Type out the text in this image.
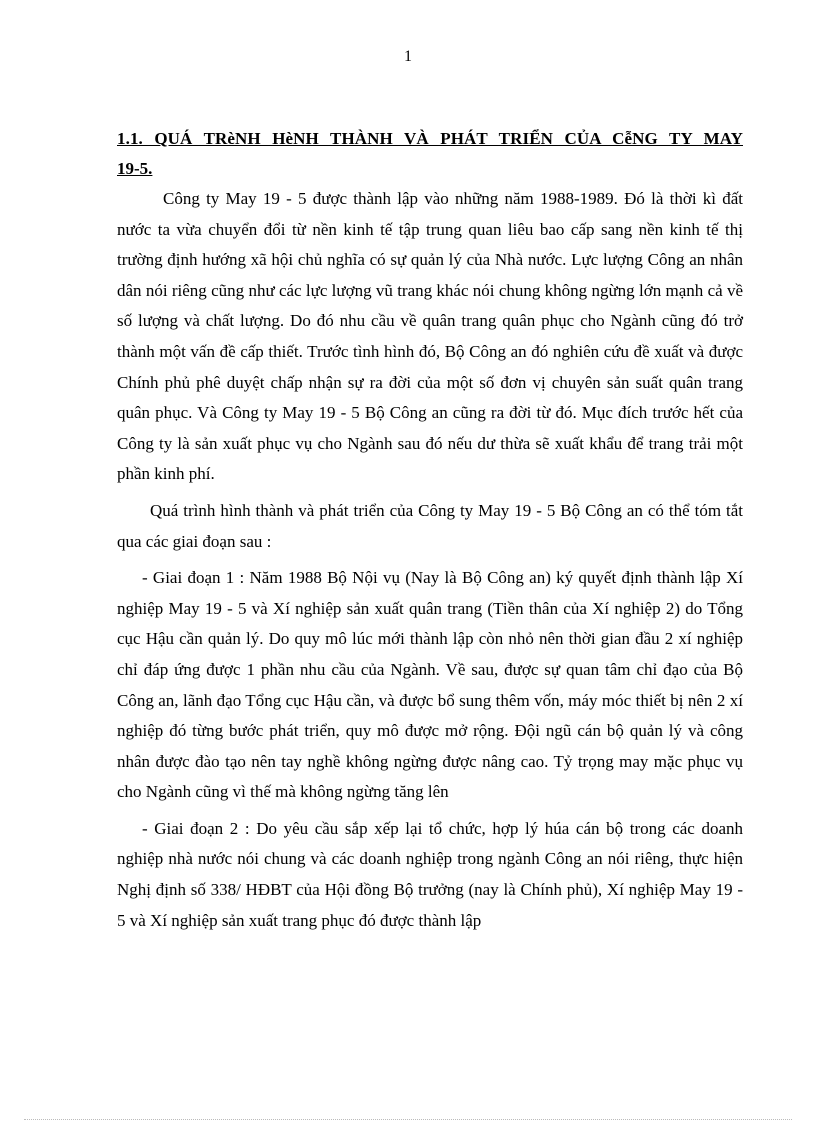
1

1.1. QUÁ TRèNH HèNH THÀNH VÀ PHÁT TRIỂN CỦA CễNG TY MAY

19-5.

Công ty May 19 - 5 được thành lập vào những năm 1988-1989. Đó là thời kì đất nước ta vừa chuyển đổi từ nền kinh tế tập trung quan liêu bao cấp sang nền kinh tế thị trường định hướng xã hội chủ nghĩa có sự quản lý của Nhà nước. Lực lượng Công an nhân dân nói riêng cũng như các lực lượng vũ trang khác nói chung không ngừng lớn mạnh cả về số lượng và chất lượng. Do đó nhu cầu về quân trang quân phục cho Ngành cũng đó trở thành một vấn đề cấp thiết. Trước tình hình đó, Bộ Công an đó nghiên cứu đề xuất và được Chính phủ phê duyệt chấp nhận sự ra đời của một số đơn vị chuyên sản suất quân trang quân phục. Và Công ty May 19 - 5 Bộ Công an cũng ra đời từ đó. Mục đích trước hết của Công ty là sản xuất phục vụ cho Ngành sau đó nếu dư thừa sẽ xuất khẩu để trang trải một phần kinh phí.

Quá trình hình thành và phát triển của Công ty May 19 - 5 Bộ Công an có thể tóm tắt qua các giai đoạn sau :

- Giai đoạn 1 : Năm 1988 Bộ Nội vụ (Nay là Bộ Công an) ký quyết định thành lập Xí nghiệp May 19 - 5 và Xí nghiệp sản xuất quân trang (Tiền thân của Xí nghiệp 2) do Tổng cục Hậu cần quản lý. Do quy mô lúc mới thành lập còn nhỏ nên thời gian đầu 2 xí nghiệp chỉ đáp ứng được 1 phần nhu cầu của Ngành. Về sau, được sự quan tâm chỉ đạo của Bộ Công an, lãnh đạo Tổng cục Hậu cần, và được bổ sung thêm vốn, máy móc thiết bị nên 2 xí nghiệp đó từng bước phát triển, quy mô được mở rộng. Đội ngũ cán bộ quản lý và công nhân được đào tạo nên tay nghề không ngừng được nâng cao. Tỷ trọng may mặc phục vụ cho Ngành cũng vì thế mà không ngừng tăng lên

- Giai đoạn 2 : Do yêu cầu sắp xếp lại tổ chức, hợp lý húa cán bộ trong các doanh nghiệp nhà nước nói chung và các doanh nghiệp trong ngành Công an nói riêng, thực hiện Nghị định số 338/ HĐBT của Hội đồng Bộ trưởng (nay là Chính phủ), Xí nghiệp May 19 - 5 và Xí nghiệp sản xuất trang phục đó được thành lập
